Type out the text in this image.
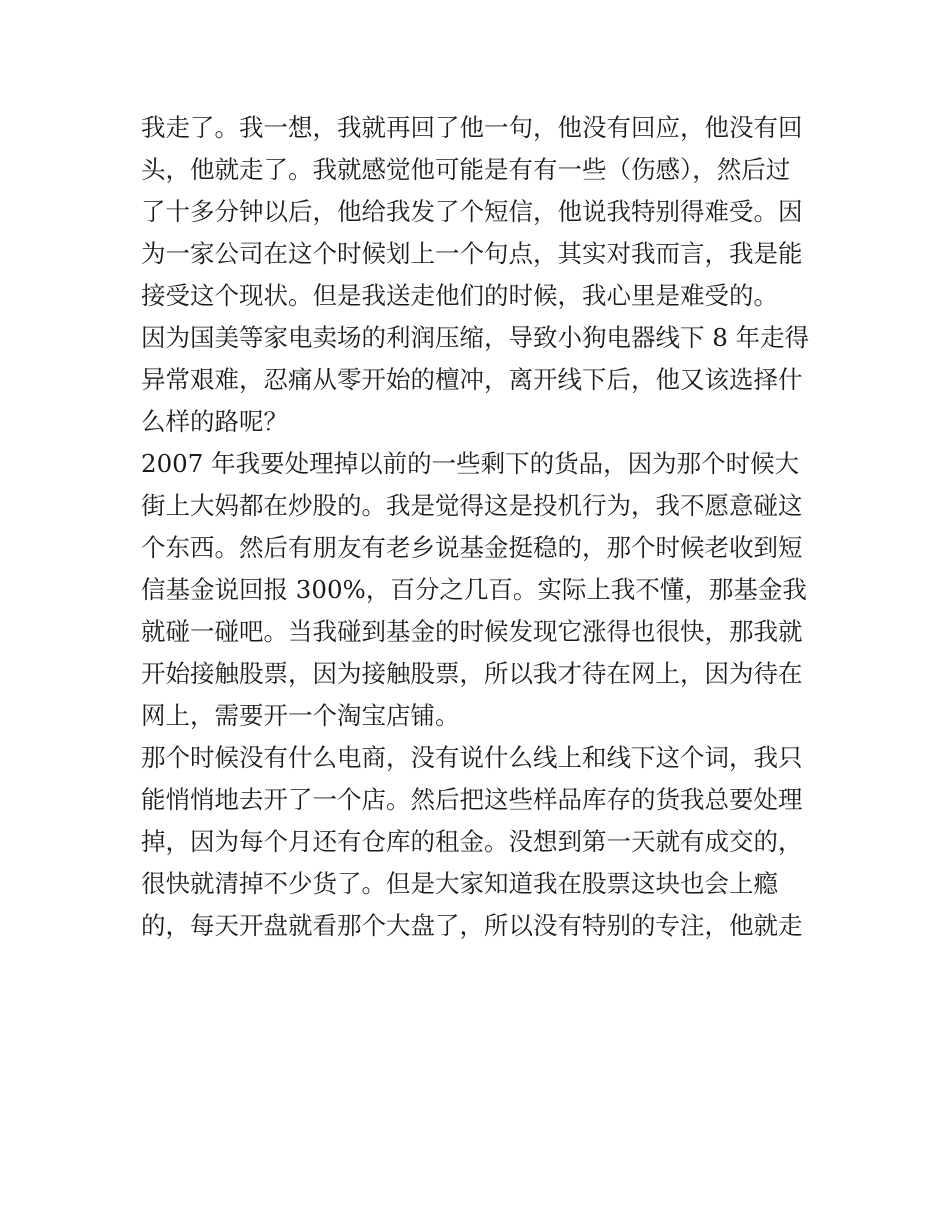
我走了。我一想，我就再回了他一句，他没有回应，他没有回
头，他就走了。我就感觉他可能是有有一些（伤感），然后过
了十多分钟以后，他给我发了个短信，他说我特别得难受。因
为一家公司在这个时候划上一个句点，其实对我而言，我是能
接受这个现状。但是我送走他们的时候，我心里是难受的。
因为国美等家电卖场的利润压缩，导致小狗电器线下 8 年走得
异常艰难，忍痛从零开始的檀冲，离开线下后，他又该选择什
么样的路呢？
2007 年我要处理掉以前的一些剩下的货品，因为那个时候大
街上大妈都在炒股的。我是觉得这是投机行为，我不愿意碰这
个东西。然后有朋友有老乡说基金挺稳的，那个时候老收到短
信基金说回报 300%，百分之几百。实际上我不懂，那基金我
就碰一碰吧。当我碰到基金的时候发现它涨得也很快，那我就
开始接触股票，因为接触股票，所以我才待在网上，因为待在
网上，需要开一个淘宝店铺。
那个时候没有什么电商，没有说什么线上和线下这个词，我只
能悄悄地去开了一个店。然后把这些样品库存的货我总要处理
掉，因为每个月还有仓库的租金。没想到第一天就有成交的，
很快就清掉不少货了。但是大家知道我在股票这块也会上瘾
的，每天开盘就看那个大盘了，所以没有特别的专注，他就走
